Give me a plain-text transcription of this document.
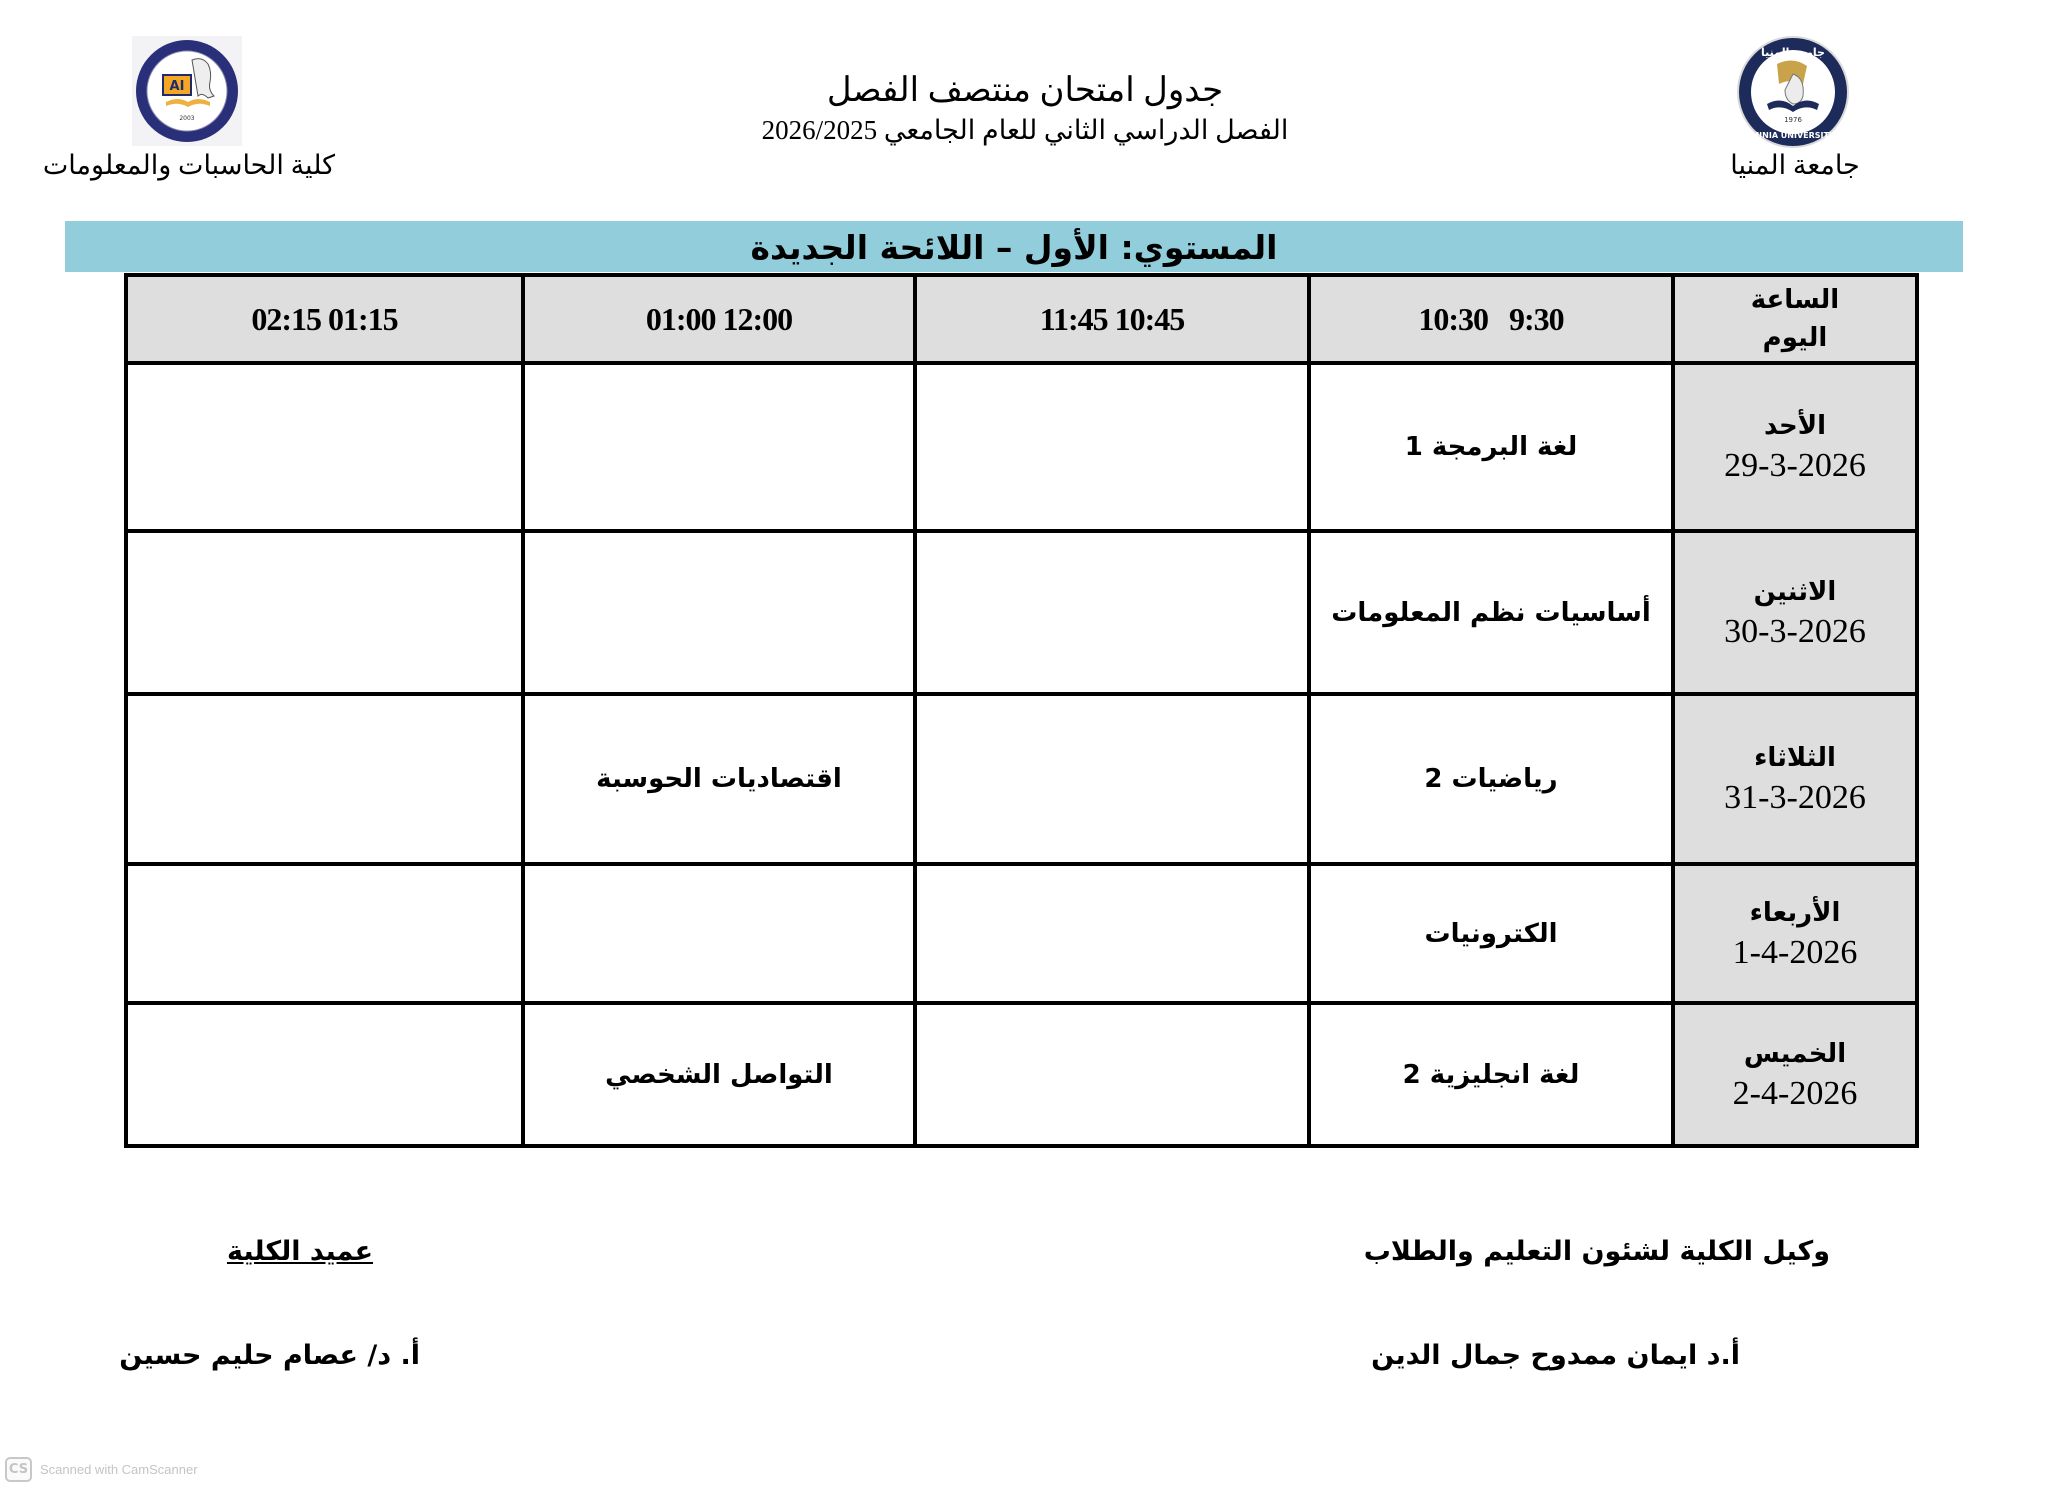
AI
2003
كلية الحاسبات والمعلومات
جدول امتحان منتصف الفصل
الفصل الدراسي الثاني للعام الجامعي 2026/2025
جامعة المنيا
1976
MINIA UNIVERSITY
جامعة المنيا
المستوي: الأول – اللائحة الجديدة
02:15 01:15	01:00 12:00	11:45 10:45	10:30   9:30	الساعة
اليوم

			لغة البرمجة 1	الأحد
29-3-2026

			أساسيات نظم المعلومات	الاثنين
30-3-2026

	اقتصاديات الحوسبة		رياضيات 2	الثلاثاء
31-3-2026

			الكترونيات	الأربعاء
1-4-2026

	التواصل الشخصي		لغة انجليزية 2	الخميس
2-4-2026
وكيل الكلية لشئون التعليم والطلاب
أ.د ايمان ممدوح جمال الدين
عميد الكلية
أ. د/ عصام حليم حسين
CS Scanned with CamScanner
